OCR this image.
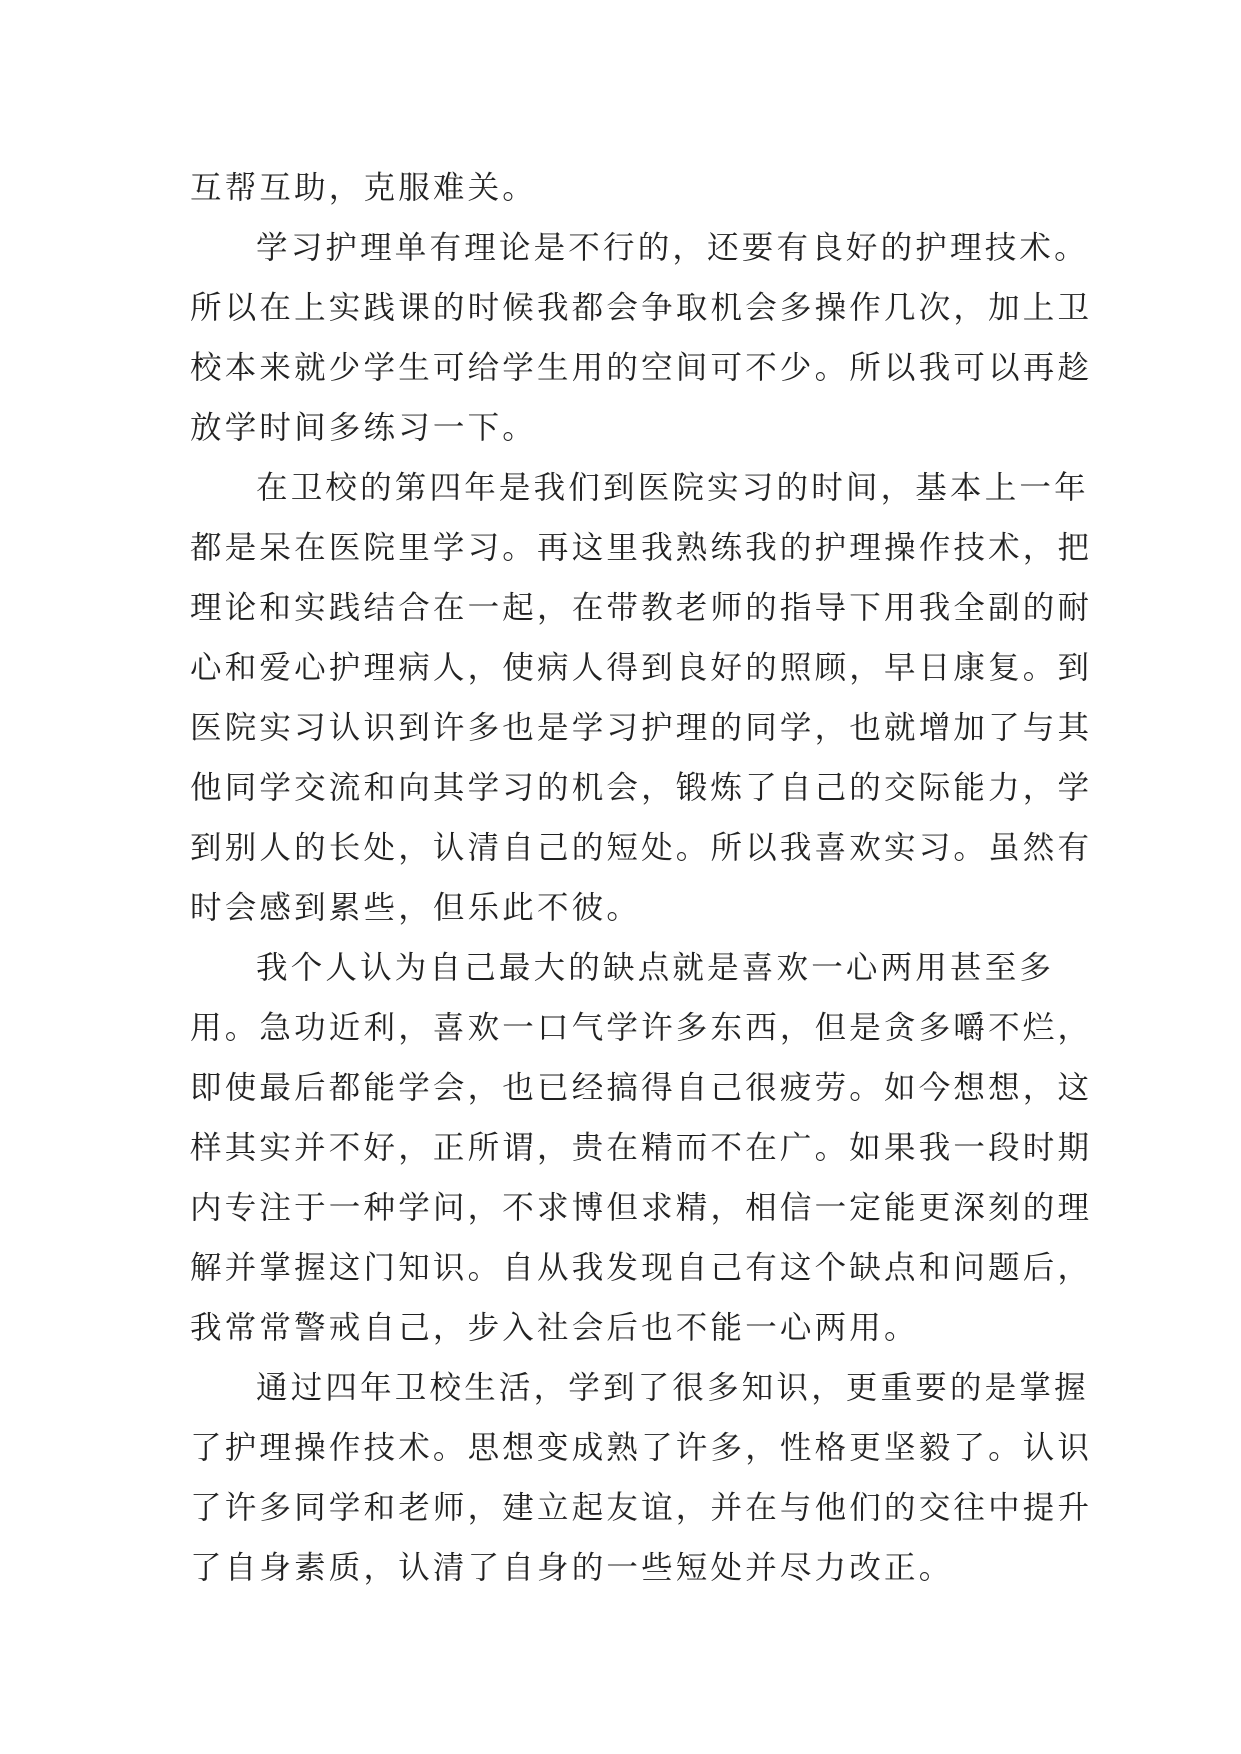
互帮互助，克服难关。
学习护理单有理论是不行的，还要有良好的护理技术。
所以在上实践课的时候我都会争取机会多操作几次，加上卫
校本来就少学生可给学生用的空间可不少。所以我可以再趁
放学时间多练习一下。
在卫校的第四年是我们到医院实习的时间，基本上一年
都是呆在医院里学习。再这里我熟练我的护理操作技术，把
理论和实践结合在一起，在带教老师的指导下用我全副的耐
心和爱心护理病人，使病人得到良好的照顾，早日康复。到
医院实习认识到许多也是学习护理的同学，也就增加了与其
他同学交流和向其学习的机会，锻炼了自己的交际能力，学
到别人的长处，认清自己的短处。所以我喜欢实习。虽然有
时会感到累些，但乐此不彼。
我个人认为自己最大的缺点就是喜欢一心两用甚至多
用。急功近利，喜欢一口气学许多东西，但是贪多嚼不烂，
即使最后都能学会，也已经搞得自己很疲劳。如今想想，这
样其实并不好，正所谓，贵在精而不在广。如果我一段时期
内专注于一种学问，不求博但求精，相信一定能更深刻的理
解并掌握这门知识。自从我发现自己有这个缺点和问题后，
我常常警戒自己，步入社会后也不能一心两用。
通过四年卫校生活，学到了很多知识，更重要的是掌握
了护理操作技术。思想变成熟了许多，性格更坚毅了。认识
了许多同学和老师，建立起友谊，并在与他们的交往中提升
了自身素质，认清了自身的一些短处并尽力改正。
